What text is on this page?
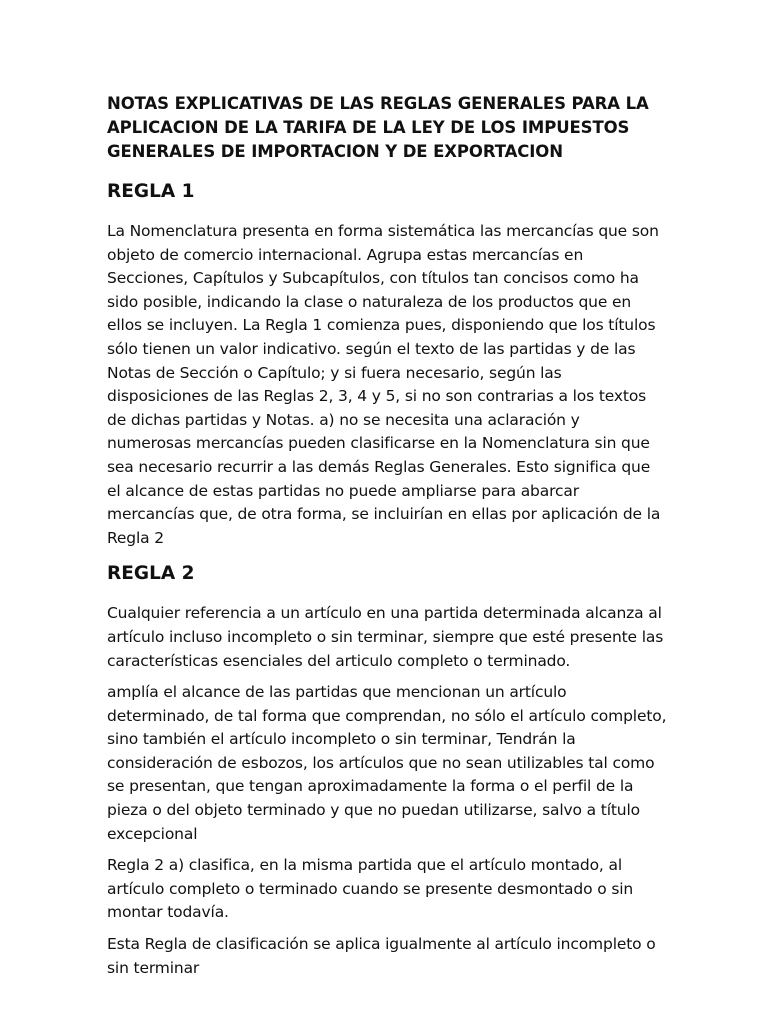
NOTAS EXPLICATIVAS DE LAS REGLAS GENERALES PARA LA APLICACION DE LA TARIFA DE LA LEY DE LOS IMPUESTOS GENERALES DE IMPORTACION Y DE EXPORTACION
REGLA 1

La Nomenclatura presenta en forma sistemática las mercancías que son objeto de comercio internacional. Agrupa estas mercancías en Secciones, Capítulos y Subcapítulos, con títulos tan concisos como ha sido posible, indicando la clase o naturaleza de los productos que en ellos se incluyen. La Regla 1 comienza pues, disponiendo que los títulos sólo tienen un valor indicativo. según el texto de las partidas y de las Notas de Sección o Capítulo; y si fuera necesario, según las disposiciones de las Reglas 2, 3, 4 y 5, si no son contrarias a los textos de dichas partidas y Notas. a) no se necesita una aclaración y numerosas mercancías pueden clasificarse en la Nomenclatura sin que sea necesario recurrir a las demás Reglas Generales. Esto significa que el alcance de estas partidas no puede ampliarse para abarcar mercancías que, de otra forma, se incluirían en ellas por aplicación de la Regla 2

REGLA 2

Cualquier referencia a un artículo en una partida determinada alcanza al artículo incluso incompleto o sin terminar, siempre que esté presente las características esenciales del articulo completo o terminado.

amplía el alcance de las partidas que mencionan un artículo determinado, de tal forma que comprendan, no sólo el artículo completo, sino también el artículo incompleto o sin terminar, Tendrán la consideración de esbozos, los artículos que no sean utilizables tal como se presentan, que tengan aproximadamente la forma o el perfil de la pieza o del objeto terminado y que no puedan utilizarse, salvo a título excepcional

Regla 2 a) clasifica, en la misma partida que el artículo montado, al artículo completo o terminado cuando se presente desmontado o sin montar todavía.

Esta Regla de clasificación se aplica igualmente al artículo incompleto o sin terminar
